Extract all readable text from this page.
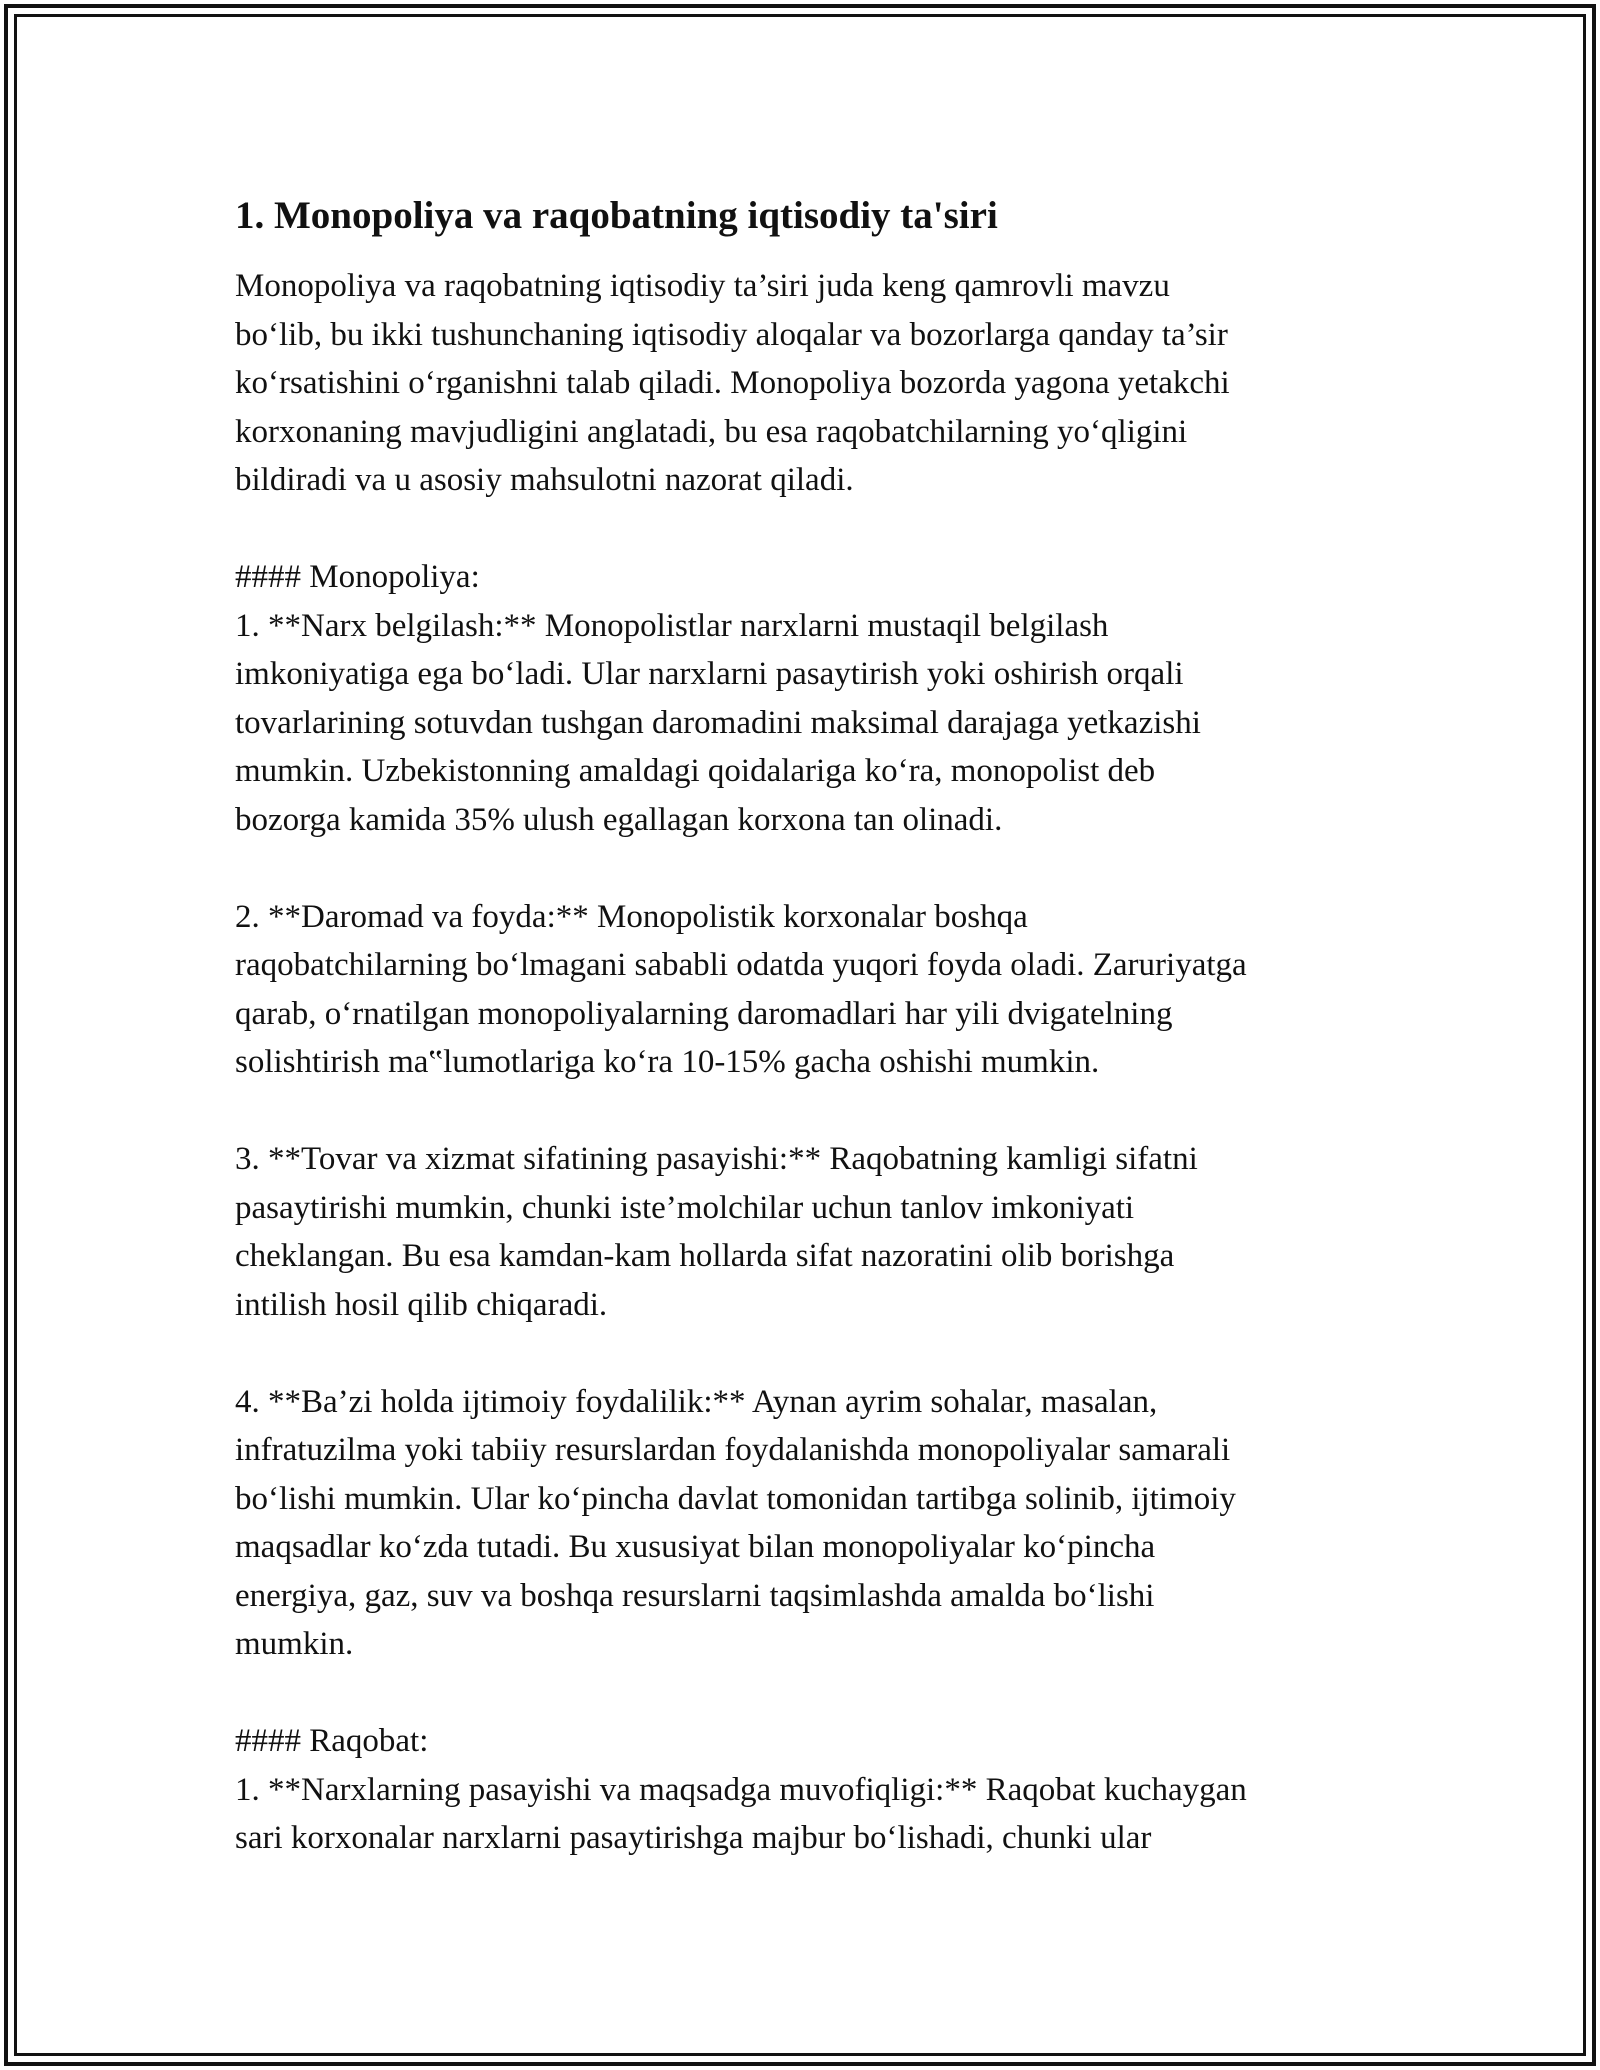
1. Monopoliya va raqobatning iqtisodiy ta'siri
Monopoliya va raqobatning iqtisodiy ta’siri juda keng qamrovli mavzu
bo‘lib, bu ikki tushunchaning iqtisodiy aloqalar va bozorlarga qanday ta’sir
ko‘rsatishini o‘rganishni talab qiladi. Monopoliya bozorda yagona yetakchi
korxonaning mavjudligini anglatadi, bu esa raqobatchilarning yo‘qligini
bildiradi va u asosiy mahsulotni nazorat qiladi.
#### Monopoliya:
1. **Narx belgilash:** Monopolistlar narxlarni mustaqil belgilash
imkoniyatiga ega bo‘ladi. Ular narxlarni pasaytirish yoki oshirish orqali
tovarlarining sotuvdan tushgan daromadini maksimal darajaga yetkazishi
mumkin. Uzbekistonning amaldagi qoidalariga ko‘ra, monopolist deb
bozorga kamida 35% ulush egallagan korxona tan olinadi.
2. **Daromad va foyda:** Monopolistik korxonalar boshqa
raqobatchilarning bo‘lmagani sababli odatda yuqori foyda oladi. Zaruriyatga
qarab, o‘rnatilgan monopoliyalarning daromadlari har yili dvigatelning
solishtirish ma‟lumotlariga ko‘ra 10-15% gacha oshishi mumkin.
3. **Tovar va xizmat sifatining pasayishi:** Raqobatning kamligi sifatni
pasaytirishi mumkin, chunki iste’molchilar uchun tanlov imkoniyati
cheklangan. Bu esa kamdan-kam hollarda sifat nazoratini olib borishga
intilish hosil qilib chiqaradi.
4. **Ba’zi holda ijtimoiy foydalilik:** Aynan ayrim sohalar, masalan,
infratuzilma yoki tabiiy resurslardan foydalanishda monopoliyalar samarali
bo‘lishi mumkin. Ular ko‘pincha davlat tomonidan tartibga solinib, ijtimoiy
maqsadlar ko‘zda tutadi. Bu xususiyat bilan monopoliyalar ko‘pincha
energiya, gaz, suv va boshqa resurslarni taqsimlashda amalda bo‘lishi
mumkin.
#### Raqobat:
1. **Narxlarning pasayishi va maqsadga muvofiqligi:** Raqobat kuchaygan
sari korxonalar narxlarni pasaytirishga majbur bo‘lishadi, chunki ular
